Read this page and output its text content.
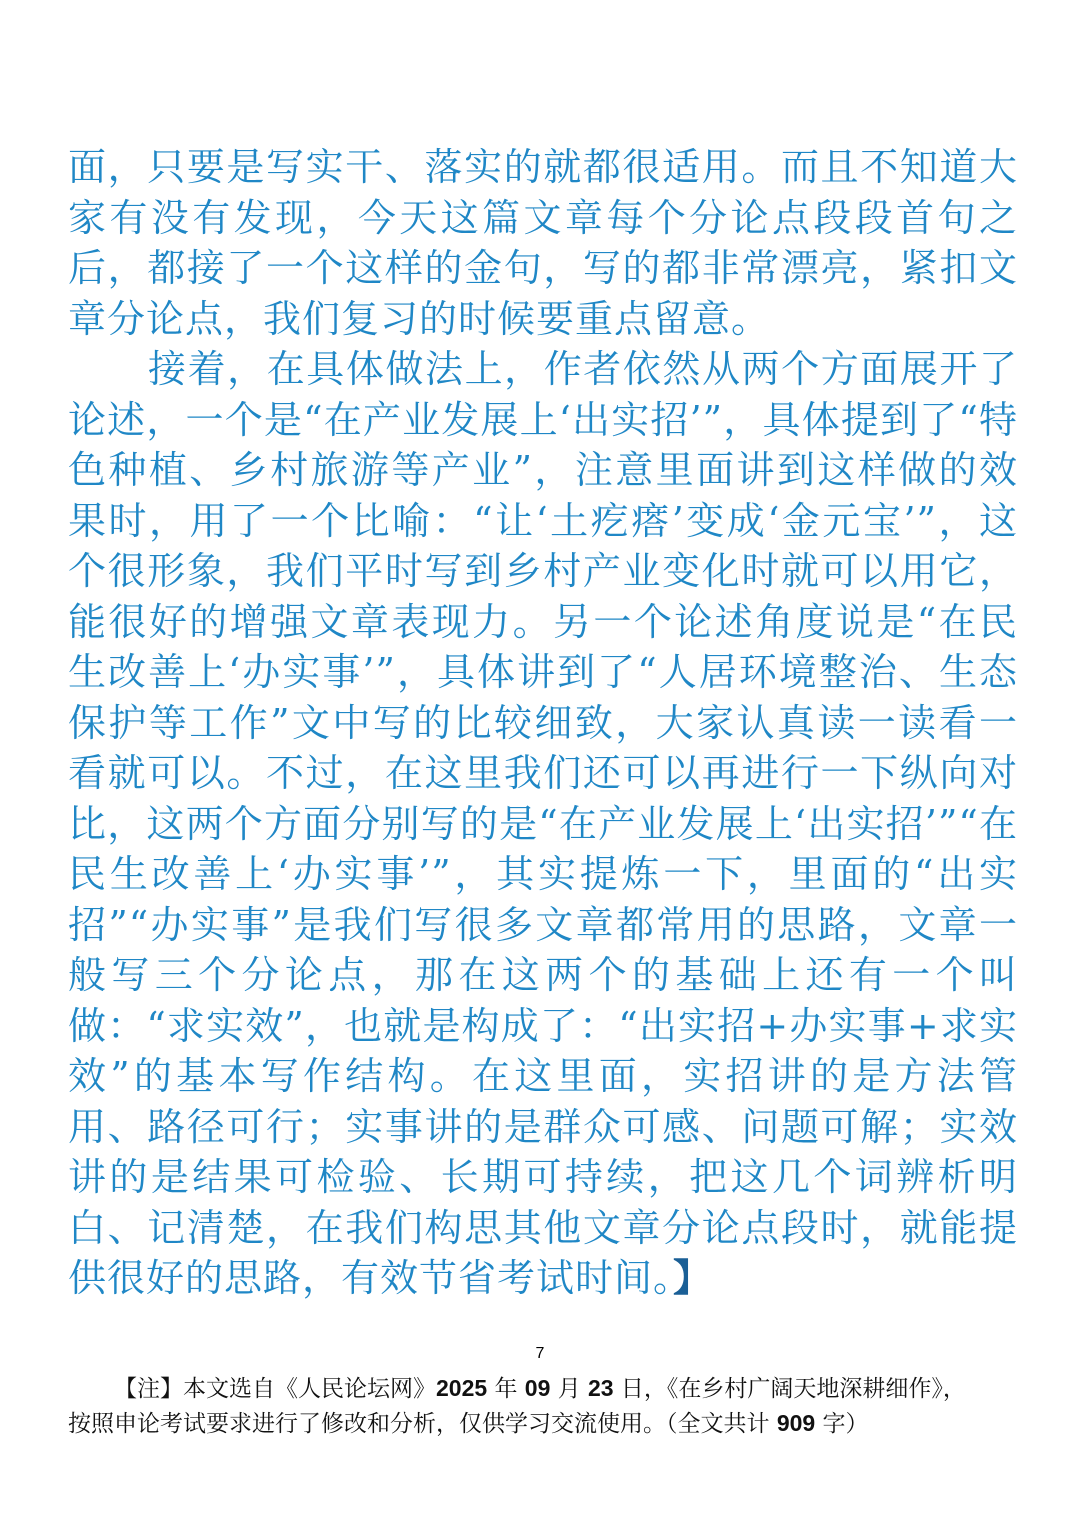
面，只要是写实干、落实的就都很适用。而且不知道大家有没有发现，今天这篇文章每个分论点段段首句之后，都接了一个这样的金句，写的都非常漂亮，紧扣文章分论点，我们复习的时候要重点留意。

接着，在具体做法上，作者依然从两个方面展开了论述，一个是“在产业发展上‘出实招’”，具体提到了“特色种植、乡村旅游等产业”，注意里面讲到这样做的效果时，用了一个比喻：“让‘土疙瘩’变成‘金元宝’”，这个很形象，我们平时写到乡村产业变化时就可以用它，能很好的增强文章表现力。另一个论述角度说是“在民生改善上‘办实事’”，具体讲到了“人居环境整治、生态保护等工作”文中写的比较细致，大家认真读一读看一看就可以。不过，在这里我们还可以再进行一下纵向对比，这两个方面分别写的是“在产业发展上‘出实招’”“在民生改善上‘办实事’”，其实提炼一下，里面的“出实招”“办实事”是我们写很多文章都常用的思路，文章一般写三个分论点，那在这两个的基础上还有一个叫做：“求实效”，也就是构成了：“出实招+办实事+求实效”的基本写作结构。在这里面，实招讲的是方法管用、路径可行；实事讲的是群众可感、问题可解；实效讲的是结果可检验、长期可持续，把这几个词辨析明白、记清楚，在我们构思其他文章分论点段时，就能提供很好的思路，有效节省考试时间。】

7

【注】本文选自《人民论坛网》2025 年 09 月 23 日，《在乡村广阔天地深耕细作》，

按照申论考试要求进行了修改和分析，仅供学习交流使用。（全文共计 909 字）
